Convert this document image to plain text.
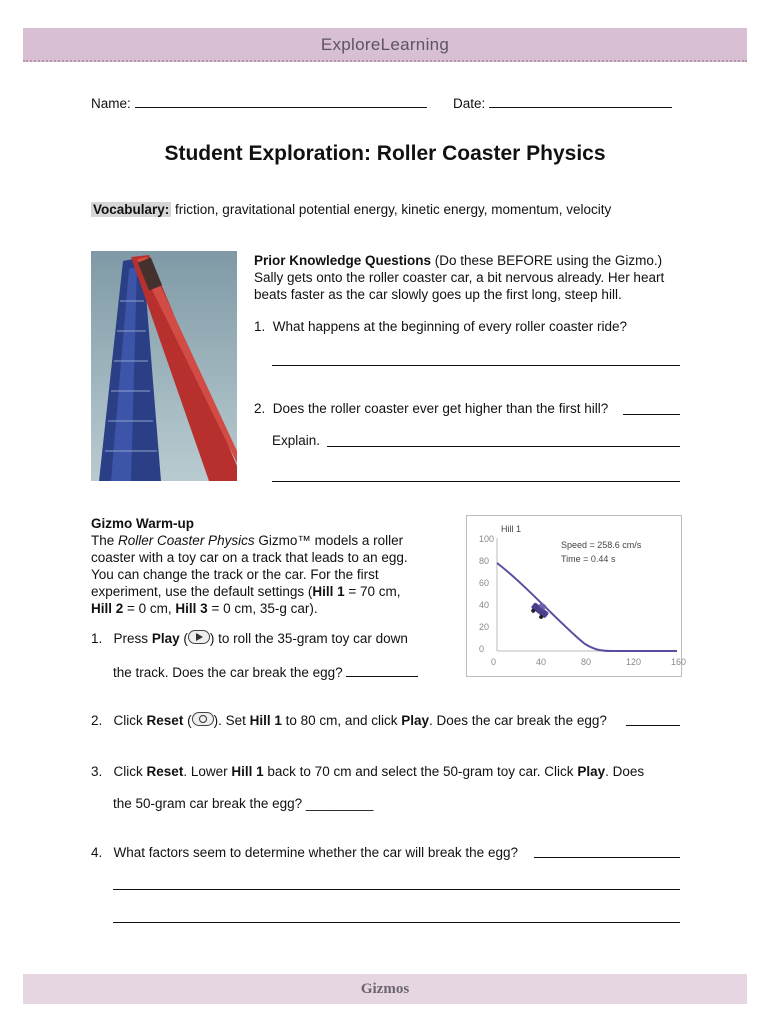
ExploreLearning
Name:	Date:
Student Exploration: Roller Coaster Physics
Vocabulary: friction, gravitational potential energy, kinetic energy, momentum, velocity
Prior Knowledge Questions (Do these BEFORE using the Gizmo.)
Sally gets onto the roller coaster car, a bit nervous already. Her heart
beats faster as the car slowly goes up the first long, steep hill.
1. What happens at the beginning of every roller coaster ride?
2. Does the roller coaster ever get higher than the first hill?
Explain.
Gizmo Warm-up
The Roller Coaster Physics Gizmo™ models a roller
coaster with a toy car on a track that leads to an egg.
You can change the track or the car. For the first
experiment, use the default settings (Hill 1 = 70 cm,
Hill 2 = 0 cm, Hill 3 = 0 cm, 35-g car).
1. Press Play ( ) to roll the 35-gram toy car down
the track. Does the car break the egg?
Hill 1
Speed = 258.6 cm/s
Time = 0.44 s
100
80
60
40
20
0
0	40	80	120	160
2. Click Reset ( ). Set Hill 1 to 80 cm, and click Play. Does the car break the egg?
3. Click Reset. Lower Hill 1 back to 70 cm and select the 50-gram toy car. Click Play. Does
the 50-gram car break the egg? _________
4. What factors seem to determine whether the car will break the egg?
Gizmos
